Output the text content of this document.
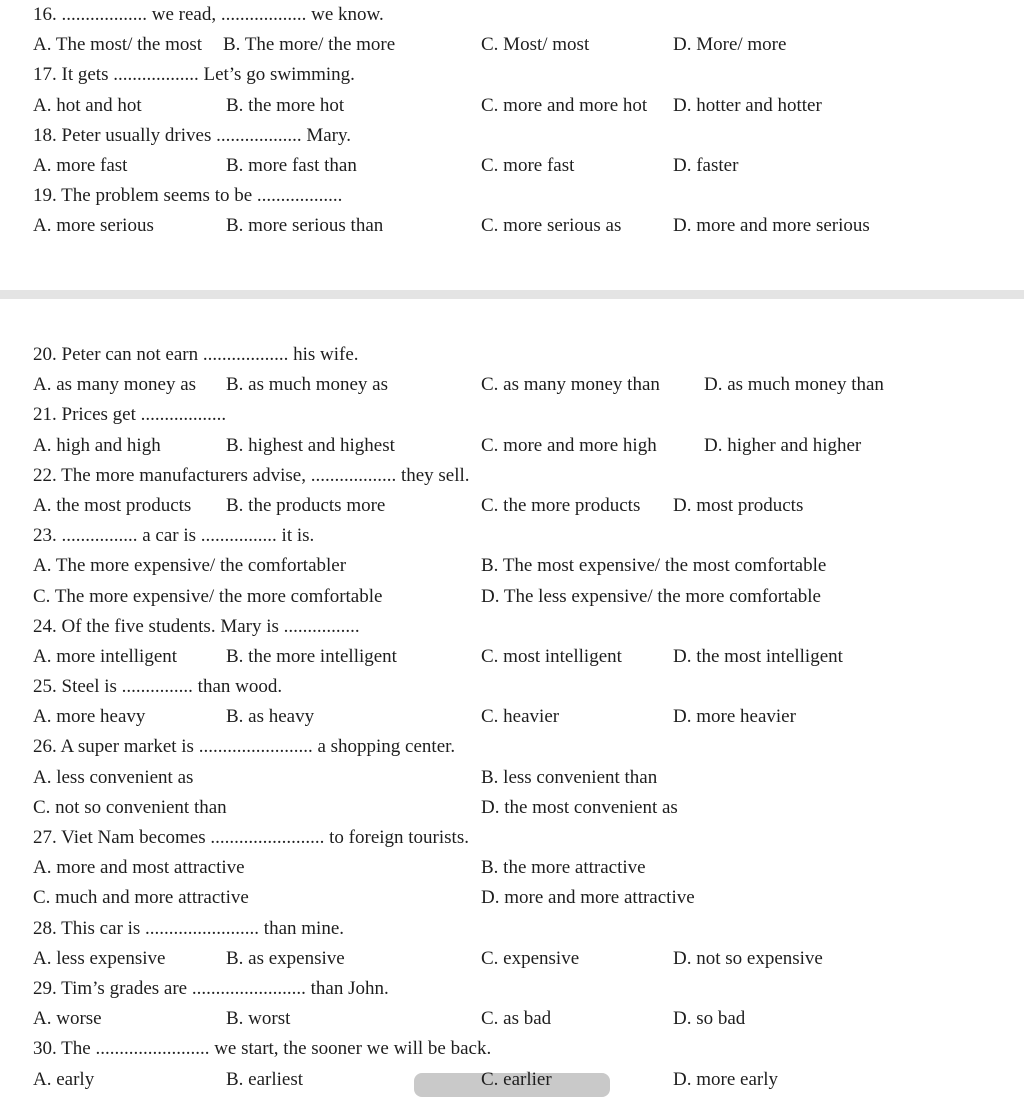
16. .................. we read, .................. we know.
A. The most/ the most B. The more/ the more	C. Most/ most	D. More/ more
17. It gets .................. Let’s go swimming.
A. hot and hot	B. the more hot	C. more and more hot D. hotter and hotter
18. Peter usually drives .................. Mary.
A. more fast	B. more fast than	C. more fast	D. faster
19. The problem seems to be ..................
A. more serious	B. more serious than	C. more serious as	D. more and more serious
20. Peter can not earn .................. his wife.
A. as many money as B. as much money as	C. as many money than D. as much money than
21. Prices get ..................
A. high and high	B. highest and highest	C. more and more high D. higher and higher
22. The more manufacturers advise, .................. they sell.
A. the most products B. the products more	C. the more products D. most products
23. ................ a car is ................ it is.
A. The more expensive/ the comfortabler	B. The most expensive/ the most comfortable
C. The more expensive/ the more comfortable	D. The less expensive/ the more comfortable
24. Of the five students. Mary is ................
A. more intelligent	B. the more intelligent	C. most intelligent	D. the most intelligent
25. Steel is ............... than wood.
A. more heavy	B. as heavy	C. heavier	D. more heavier
26. A super market is ........................ a shopping center.
A. less convenient as	B. less convenient than
C. not so convenient than	D. the most convenient as
27. Viet Nam becomes ........................ to foreign tourists.
A. more and most attractive	B. the more attractive
C. much and more attractive	D. more and more attractive
28. This car is ........................ than mine.
A. less expensive	B. as expensive	C. expensive	D. not so expensive
29. Tim’s grades are ........................ than John.
A. worse	B. worst	C. as bad	D. so bad
30. The ........................ we start, the sooner we will be back.
A. early	B. earliest	C. earlier	D. more early
